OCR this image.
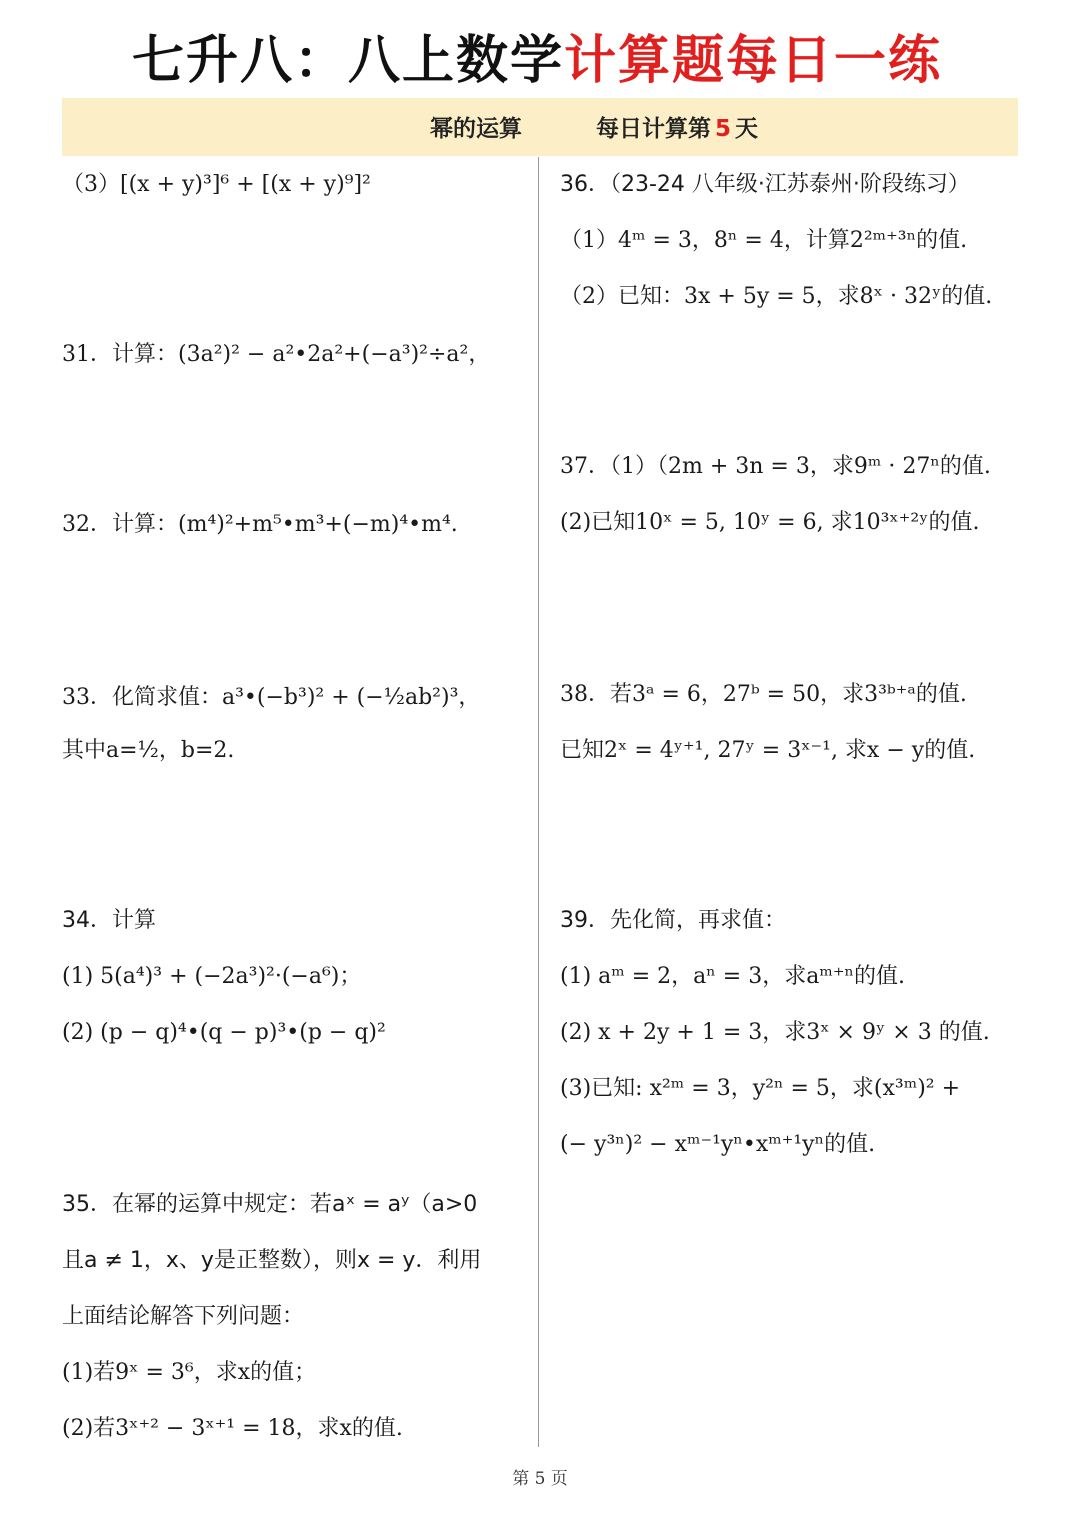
七升八：八上数学计算题每日一练
幂的运算	每日计算第 5 天
（3）[(x + y)³]⁶ + [(x + y)⁹]²
31．计算：(3a²)² − a²•2a²+(−a³)²÷a²，
32．计算：(m⁴)²+m⁵•m³+(−m)⁴•m⁴.
33．化简求值：a³•(−b³)² + (−½ab²)³，
其中a=½，b=2.
34．计算
(1) 5(a⁴)³ + (−2a³)²·(−a⁶)；
(2) (p − q)⁴•(q − p)³•(p − q)²
35．在幂的运算中规定：若aˣ = aʸ（a>0
且a ≠ 1，x、y是正整数），则x = y．利用
上面结论解答下列问题：
(1)若9ˣ = 3⁶，求x的值；
(2)若3ˣ⁺² − 3ˣ⁺¹ = 18，求x的值.
36．（23-24 八年级·江苏泰州·阶段练习）
（1）4ᵐ = 3，8ⁿ = 4，计算2²ᵐ⁺³ⁿ的值.
（2）已知：3x + 5y = 5，求8ˣ · 32ʸ的值.
37．（1）（2m + 3n = 3，求9ᵐ · 27ⁿ的值.
(2)已知10ˣ = 5, 10ʸ = 6, 求10³ˣ⁺²ʸ的值.
38．若3ᵃ = 6，27ᵇ = 50，求3³ᵇ⁺ᵃ的值.
已知2ˣ = 4ʸ⁺¹, 27ʸ = 3ˣ⁻¹, 求x − y的值.
39．先化简，再求值：
(1) aᵐ = 2，aⁿ = 3，求aᵐ⁺ⁿ的值.
(2) x + 2y + 1 = 3，求3ˣ × 9ʸ × 3 的值.
(3)已知: x²ᵐ = 3，y²ⁿ = 5，求(x³ᵐ)² +
(− y³ⁿ)² − xᵐ⁻¹yⁿ•xᵐ⁺¹yⁿ的值.
第 5 页
